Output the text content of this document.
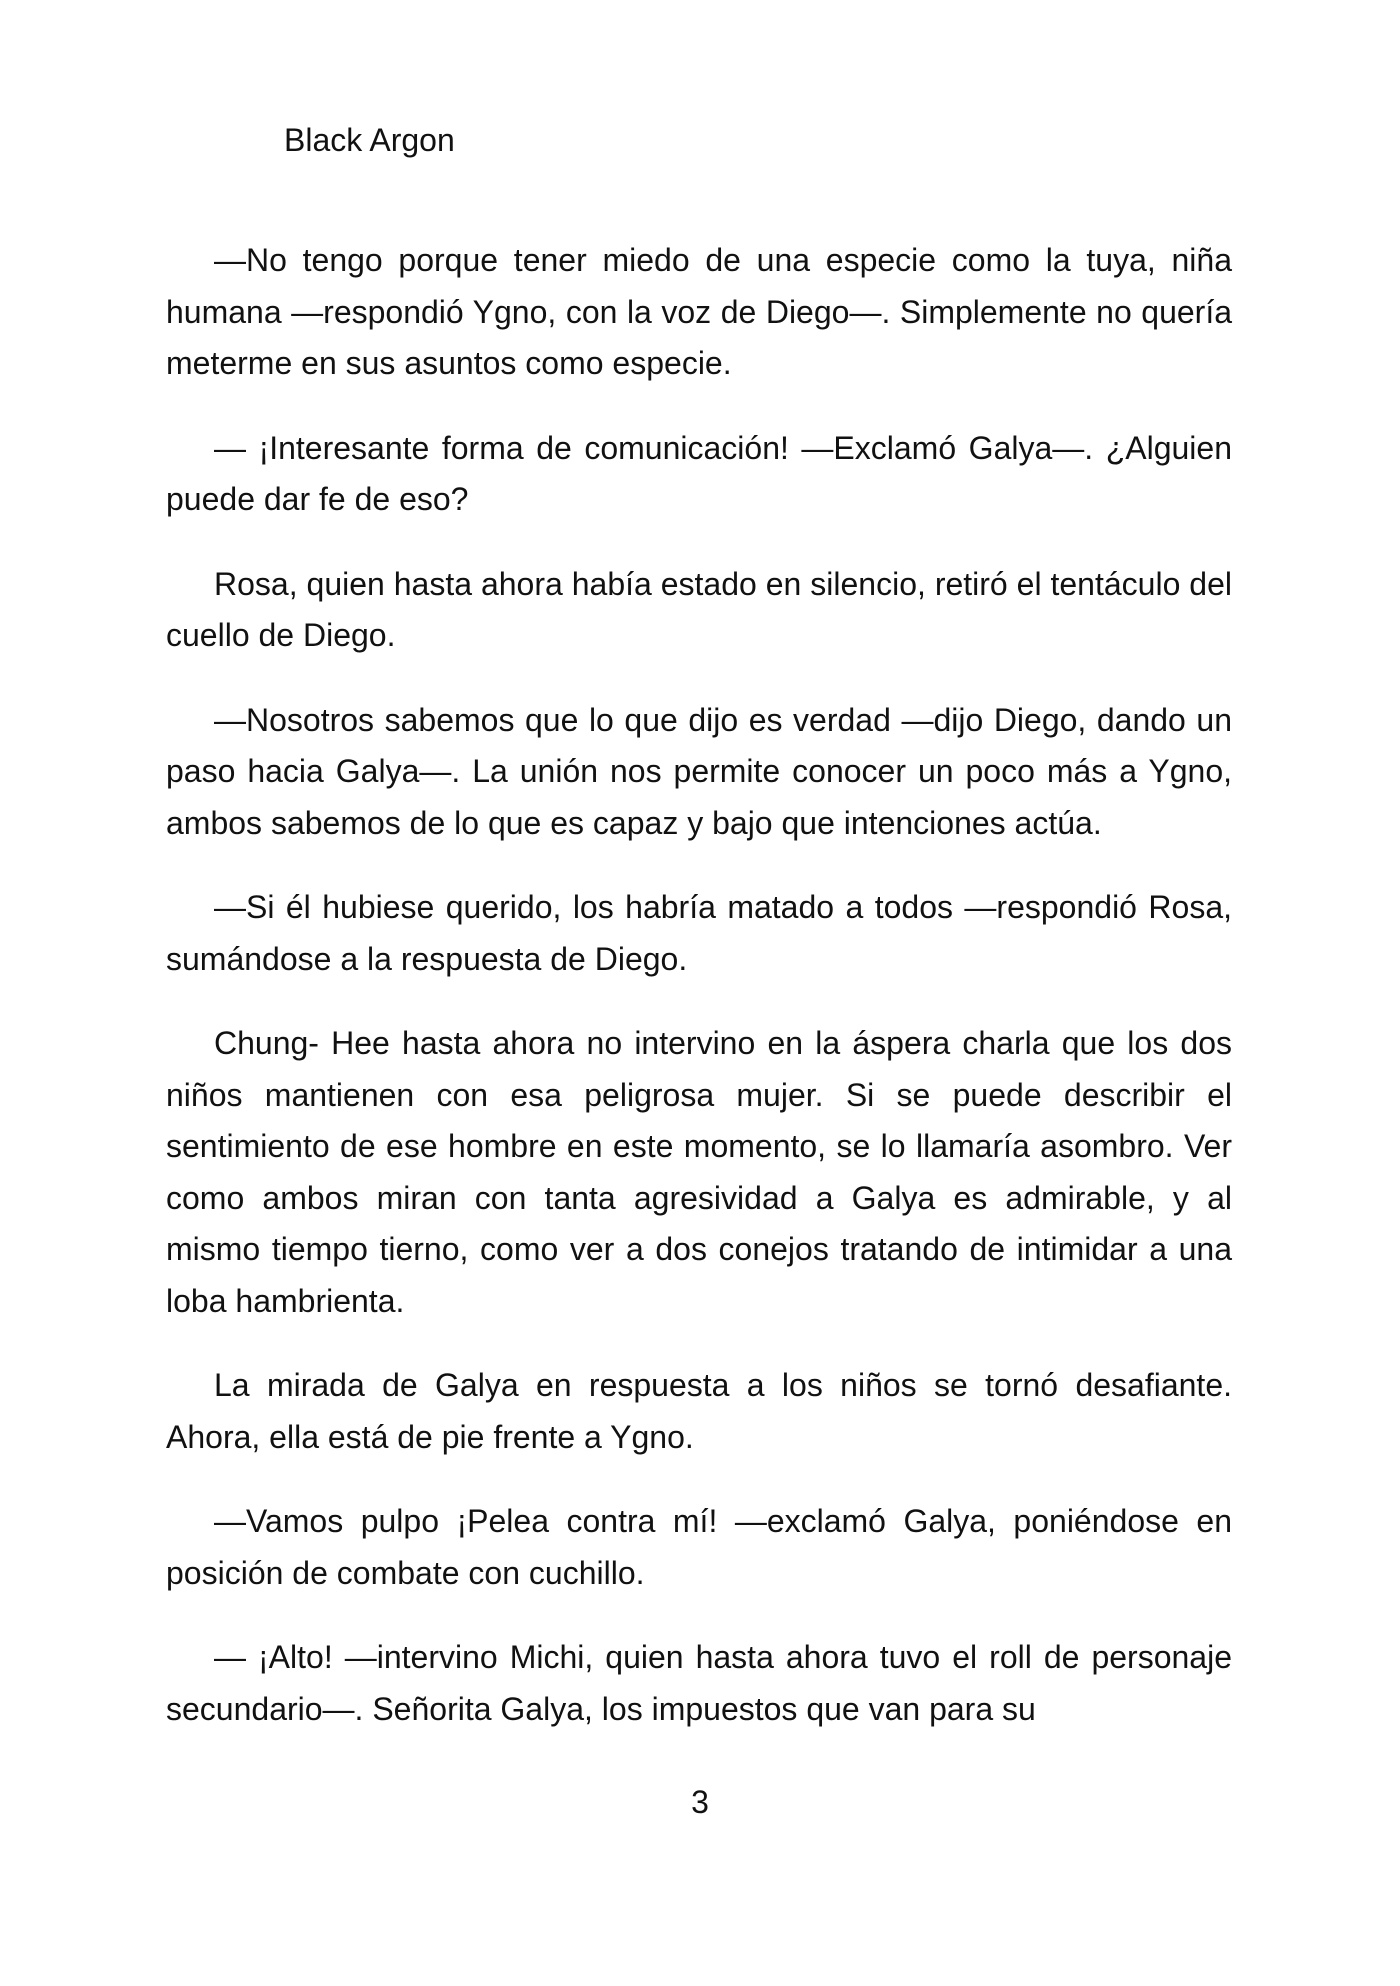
Black Argon

—No tengo porque tener miedo de una especie como la tuya, niña humana —respondió Ygno, con la voz de Diego—. Simplemente no quería meterme en sus asuntos como especie.

— ¡Interesante forma de comunicación! —Exclamó Galya—. ¿Alguien puede dar fe de eso?

Rosa, quien hasta ahora había estado en silencio, retiró el tentáculo del cuello de Diego.

—Nosotros sabemos que lo que dijo es verdad —dijo Diego, dando un paso hacia Galya—. La unión nos permite conocer un poco más a Ygno, ambos sabemos de lo que es capaz y bajo que intenciones actúa.

—Si él hubiese querido, los habría matado a todos —respondió Rosa, sumándose a la respuesta de Diego.

Chung- Hee hasta ahora no intervino en la áspera charla que los dos niños mantienen con esa peligrosa mujer. Si se puede describir el sentimiento de ese hombre en este momento, se lo llamaría asombro. Ver como ambos miran con tanta agresividad a Galya es admirable, y al mismo tiempo tierno, como ver a dos conejos tratando de intimidar a una loba hambrienta.

La mirada de Galya en respuesta a los niños se tornó desafiante. Ahora, ella está de pie frente a Ygno.

—Vamos pulpo ¡Pelea contra mí! —exclamó Galya, poniéndose en posición de combate con cuchillo.

— ¡Alto! —intervino Michi, quien hasta ahora tuvo el roll de personaje secundario—. Señorita Galya, los impuestos que van para su

3
